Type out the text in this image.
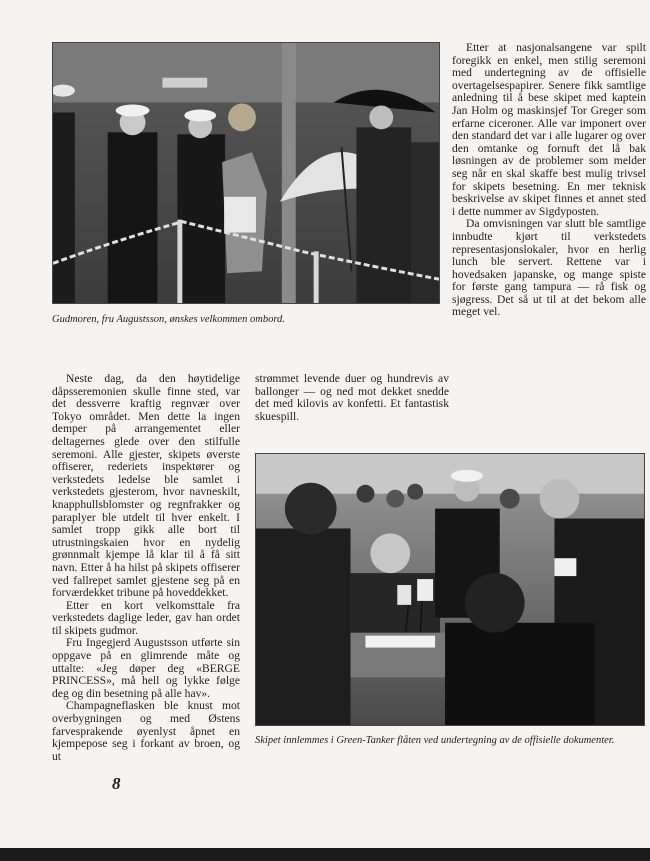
Gudmoren, fru Augustsson, ønskes velkommen ombord.

Etter at nasjonalsangene var spilt foregikk en enkel, men stilig seremoni med undertegning av de offisielle overtagelsespapirer. Senere fikk samtlige anledning til å bese skipet med kaptein Jan Holm og maskinsjef Tor Greger som erfarne cicerоner. Alle var imponert over den standard det var i alle lugarer og over den omtanke og fornuft det lå bak løsningen av de problemer som melder seg når en skal skaffe best mulig trivsel for skipets besetning. En mer teknisk beskrivelse av skipet finnes et annet sted i dette nummer av Sigdyposten.

Da omvisningen var slutt ble samtlige innbudte kjørt til verkstedets representasjonslokaler, hvor en herlig lunch ble servert. Rettene var i hovedsaken japanske, og mange spiste for første gang tampura — rå fisk og sjøgress. Det så ut til at det bekom alle meget vel.

Neste dag, da den høytidelige dåpsseremonien skulle finne sted, var det dessverre kraftig regnvær over Tokyo området. Men dette la ingen demper på arrangementet eller deltagernes glede over den stilfulle seremoni. Alle gjester, skipets øverste offiserer, rederiets inspektører og verkstedets ledelse ble samlet i verkstedets gjesterom, hvor navneskilt, knapphullsblomster og regnfrakker og paraplyer ble utdelt til hver enkelt. I samlet tropp gikk alle bort til utrustningskaien hvor en nydelig grønnmalt kjempe lå klar til å få sitt navn. Etter å ha hilst på skipets offiserer ved fallrepet samlet gjestene seg på en forværdekket tribune på hoveddekket.

Etter en kort velkomsttale fra verkstedets daglige leder, gav han ordet til skipets gudmor.

Fru Ingegjerd Augustsson utførte sin oppgave på en glimrende måte og uttalte: «Jeg døper deg «BERGE PRINCESS», må hell og lykke følge deg og din besetning på alle hav».

Champagneflasken ble knust mot overbygningen og med Østens farvesprakende øyenlyst åpnet en kjempepose seg i forkant av broen, og ut

strømmet levende duer og hundrevis av ballonger — og ned mot dekket snedde det med kilovis av konfetti. Et fantastisk skuespill.

Skipet innlemmes i Green-Tanker flåten ved undertegning av de offisielle dokumenter.
8
